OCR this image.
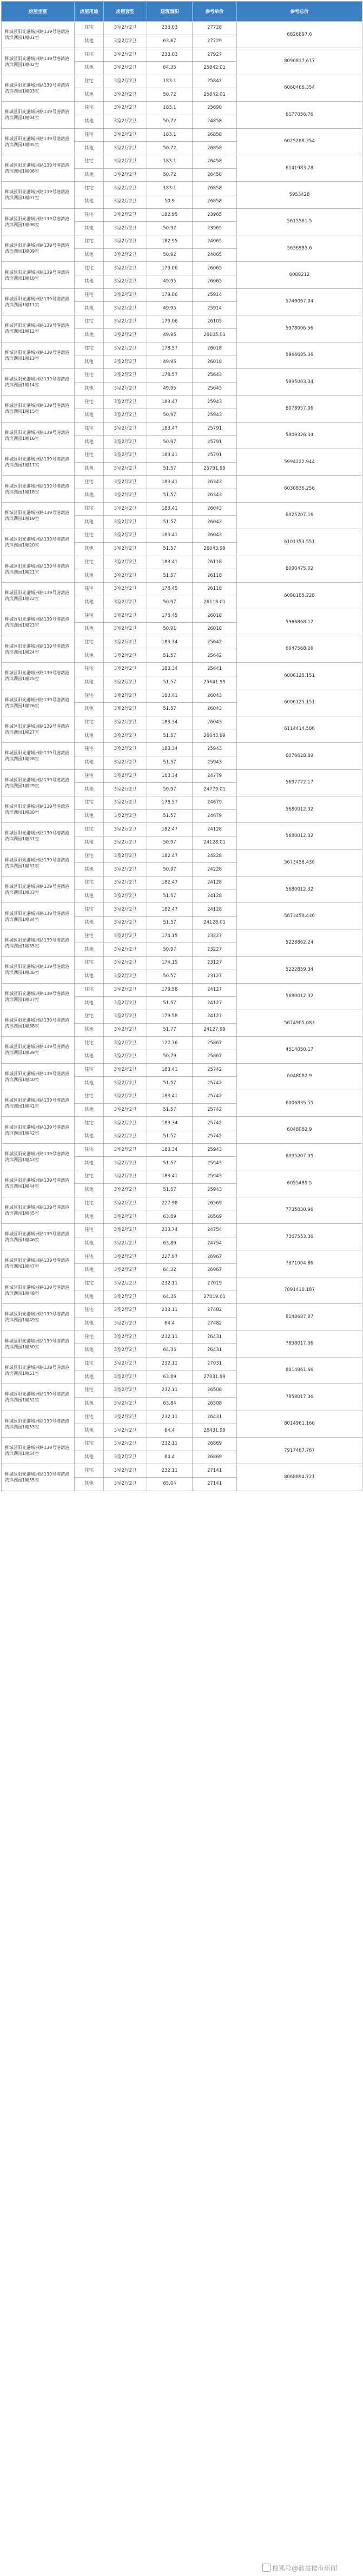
房屋坐落	房屋用途	房屋套型	建筑面积	参考单价	参考总价
柳城区阳光港城洲路139号港湾港湾滨湖园1幢01室	住宅	3室2厅2卫	233.03	27728	6826897.6
	其他	3室2厅2卫	63.67	27729	
柳城区阳光港城洲路139号港湾港湾滨湖园1幢02室	住宅	3室2厅2卫	233.03	27927	8090817.617
	其他	3室2厅2卫	64.35	25842.01	
柳城区阳光港城洲路139号港湾港湾滨湖园1幢03室	住宅	3室2厅2卫	183.1	25842	6060466.354
	其他	3室2厅2卫	50.72	25842.01	
柳城区阳光港城洲路139号港湾港湾滨湖园1幢04室	住宅	3室2厅2卫	183.1	25690	6177056.76
	其他	3室2厅2卫	50.72	24858	
柳城区阳光港城洲路139号港湾港湾滨湖园1幢05室	住宅	3室2厅2卫	183.1	26858	6025288.354
	其他	3室2厅2卫	50.72	26858	
柳城区阳光港城洲路139号港湾港湾滨湖园1幢06室	住宅	3室2厅2卫	183.1	26458	6141983.78
	其他	3室2厅2卫	50.72	26458	
柳城区阳光港城洲路139号港湾港湾滨湖园1幢07室	住宅	3室2厅2卫	183.1	26858	5953428
	其他	3室2厅2卫	50.9	26858	
柳城区阳光港城洲路139号港湾港湾滨湖园1幢08室	住宅	3室2厅2卫	182.95	23965	5615561.5
	其他	3室2厅2卫	50.92	23965	
柳城区阳光港城洲路139号港湾港湾滨湖园1幢09室	住宅	3室2厅2卫	182.95	24065	5636985.6
	其他	3室2厅2卫	50.92	24065	
柳城区阳光港城洲路139号港湾港湾滨湖园1幢10室	住宅	3室2厅2卫	179.06	26065	6088212
	其他	3室2厅2卫	49.95	26065	
柳城区阳光港城洲路139号港湾港湾滨湖园1幢11室	住宅	3室2厅2卫	179.06	25914	5749067.04
	其他	3室2厅2卫	49.95	25914	
柳城区阳光港城洲路139号港湾港湾滨湖园1幢12室	住宅	3室2厅2卫	179.06	26105	5978006.56
	其他	3室2厅2卫	49.95	26105.01	
柳城区阳光港城洲路139号港湾港湾滨湖园1幢13室	住宅	3室2厅2卫	178.57	26018	5966685.36
	其他	3室2厅2卫	49.95	26018	
柳城区阳光港城洲路139号港湾港湾滨湖园1幢14室	住宅	3室2厅2卫	178.57	25643	5995003.34
	其他	3室2厅2卫	49.95	25643	
柳城区阳光港城洲路139号港湾港湾滨湖园1幢15室	住宅	3室2厅2卫	183.47	25943	6078957.06
	其他	3室2厅2卫	50.97	25943	
柳城区阳光港城洲路139号港湾港湾滨湖园1幢16室	住宅	3室2厅2卫	183.47	25791	5909326.34
	其他	3室2厅2卫	50.97	25791	
柳城区阳光港城洲路139号港湾港湾滨湖园1幢17室	住宅	3室2厅2卫	183.41	25791	5994222.944
	其他	3室2厅2卫	51.57	25791.99	
柳城区阳光港城洲路139号港湾港湾滨湖园1幢18室	住宅	3室2厅2卫	183.41	26343	6030836.256
	其他	3室2厅2卫	51.57	26343	
柳城区阳光港城洲路139号港湾港湾滨湖园1幢19室	住宅	3室2厅2卫	183.41	26043	6025207.16
	其他	3室2厅2卫	51.57	26043	
柳城区阳光港城洲路139号港湾港湾滨湖园1幢20室	住宅	3室2厅2卫	183.41	26043	6101353.551
	其他	3室2厅2卫	51.57	26043.99	
柳城区阳光港城洲路139号港湾港湾滨湖园1幢21室	住宅	3室2厅2卫	183.41	26118	6090475.02
	其他	3室2厅2卫	51.57	26118	
柳城区阳光港城洲路139号港湾港湾滨湖园1幢22室	住宅	3室2厅2卫	178.45	26118	6080185.228
	其他	3室2厅2卫	50.97	26118.01	
柳城区阳光港城洲路139号港湾港湾滨湖园1幢23室	住宅	3室2厅2卫	178.45	26018	5966868.12
	其他	3室2厅2卫	50.91	26018	
柳城区阳光港城洲路139号港湾港湾滨湖园1幢24室	住宅	3室2厅2卫	183.34	25642	6047568.06
	其他	3室2厅2卫	51.57	25642	
柳城区阳光港城洲路139号港湾港湾滨湖园1幢25室	住宅	3室2厅2卫	183.34	25641	6006125.151
	其他	3室2厅2卫	51.57	25641.99	
柳城区阳光港城洲路139号港湾港湾滨湖园1幢26室	住宅	3室2厅2卫	183.41	26043	6006125.151
	其他	3室2厅2卫	51.57	26043	
柳城区阳光港城洲路139号港湾港湾滨湖园1幢27室	住宅	3室2厅2卫	183.34	26043	6114414.586
	其他	3室2厅2卫	51.57	26043.99	
柳城区阳光港城洲路139号港湾港湾滨湖园1幢28室	住宅	3室2厅2卫	183.34	25943	6076628.89
	其他	3室2厅2卫	51.57	25943	
柳城区阳光港城洲路139号港湾港湾滨湖园1幢29室	住宅	3室2厅2卫	183.34	24779	5697772.17
	其他	3室2厅2卫	50.97	24779.01	
柳城区阳光港城洲路139号港湾港湾滨湖园1幢30室	住宅	3室2厅2卫	178.57	24679	5680012.32
	其他	3室2厅2卫	51.57	24679	
柳城区阳光港城洲路139号港湾港湾滨湖园1幢31室	住宅	3室2厅2卫	182.47	24128	5680012.32
	其他	3室2厅2卫	50.97	24128.01	
柳城区阳光港城洲路139号港湾港湾滨湖园1幢32室	住宅	3室2厅2卫	182.47	24228	5673458.436
	其他	3室2厅2卫	50.97	24228	
柳城区阳光港城洲路139号港湾港湾滨湖园1幢33室	住宅	3室2厅2卫	182.47	24128	5680012.32
	其他	3室2厅2卫	51.57	24128	
柳城区阳光港城洲路139号港湾港湾滨湖园1幢34室	住宅	3室2厅2卫	182.47	24128	5673458.436
	其他	3室2厅2卫	51.57	24128.01	
柳城区阳光港城洲路139号港湾港湾滨湖园1幢35室	住宅	3室2厅2卫	174.15	23227	5228862.24
	其他	3室2厅2卫	50.97	23227	
柳城区阳光港城洲路139号港湾港湾滨湖园1幢36室	住宅	3室2厅2卫	174.15	23127	5222859.34
	其他	3室2厅2卫	50.57	23127	
柳城区阳光港城洲路139号港湾港湾滨湖园1幢37室	住宅	3室2厅2卫	179.58	24127	5680012.32
	其他	3室2厅2卫	51.57	24127	
柳城区阳光港城洲路139号港湾港湾滨湖园1幢38室	住宅	3室2厅2卫	179.58	24127	5674905.083
	其他	3室2厅2卫	51.77	24127.99	
柳城区阳光港城洲路139号港湾港湾滨湖园1幢39室	住宅	3室2厅2卫	127.76	25867	4514050.17
	其他	3室2厅2卫	50.79	25867	
柳城区阳光港城洲路139号港湾港湾滨湖园1幢40室	住宅	3室2厅2卫	183.41	25742	6048082.9
	其他	3室2厅2卫	51.57	25742	
柳城区阳光港城洲路139号港湾港湾滨湖园1幢41室	住宅	3室2厅2卫	183.41	25742	6006835.55
	其他	3室2厅2卫	51.57	25742	
柳城区阳光港城洲路139号港湾港湾滨湖园1幢42室	住宅	3室2厅2卫	183.34	25742	6048082.9
	其他	3室2厅2卫	51.57	25742	
柳城区阳光港城洲路139号港湾港湾滨湖园1幢43室	住宅	3室2厅2卫	183.34	25943	6095207.95
	其他	3室2厅2卫	51.57	25943	
柳城区阳光港城洲路139号港湾港湾滨湖园1幢44室	住宅	3室2厅2卫	183.41	25943	6055489.5
	其他	3室2厅2卫	51.57	25943	
柳城区阳光港城洲路139号港湾港湾滨湖园1幢45室	住宅	3室2厅2卫	227.98	26569	7735830.96
	其他	3室2厅2卫	63.89	26569	
柳城区阳光港城洲路139号港湾港湾滨湖园1幢46室	住宅	3室2厅2卫	233.74	24754	7367553.36
	其他	3室2厅2卫	63.89	24754	
柳城区阳光港城洲路139号港湾港湾滨湖园1幢47室	住宅	3室2厅2卫	227.97	26967	7871004.86
	其他	3室2厅2卫	64.32	26967	
柳城区阳光港城洲路139号港湾港湾滨湖园1幢48室	住宅	3室2厅2卫	232.11	27019	7891410.187
	其他	3室2厅2卫	64.35	27019.01	
柳城区阳光港城洲路139号港湾港湾滨湖园1幢49室	住宅	3室2厅2卫	233.11	27482	8148687.87
	其他	3室2厅2卫	64.4	27482	
柳城区阳光港城洲路139号港湾港湾滨湖园1幢50室	住宅	3室2厅2卫	232.11	26431	7858017.36
	其他	3室2厅2卫	64.35	26431	
柳城区阳光港城洲路139号港湾港湾滨湖园1幢51室	住宅	3室2厅2卫	232.11	27031	8014961.66
	其他	3室2厅2卫	63.89	27031.99	
柳城区阳光港城洲路139号港湾港湾滨湖园1幢52室	住宅	3室2厅2卫	232.11	26508	7858017.36
	其他	3室2厅2卫	63.84	26508	
柳城区阳光港城洲路139号港湾港湾滨湖园1幢53室	住宅	3室2厅2卫	232.11	26431	8014961.166
	其他	3室2厅2卫	64.4	26431.99	
柳城区阳光港城洲路139号港湾港湾滨湖园1幢54室	住宅	3室2厅2卫	232.11	26869	7917467.767
	其他	3室2厅2卫	64.4	26869	
柳城区阳光港城洲路139号港湾港湾滨湖园1幢55室	住宅	3室2厅2卫	232.11	27141	8068894.721
	其他	3室2厅2卫	65.04	27141	
搜狐号@鼎益楼市新闻
